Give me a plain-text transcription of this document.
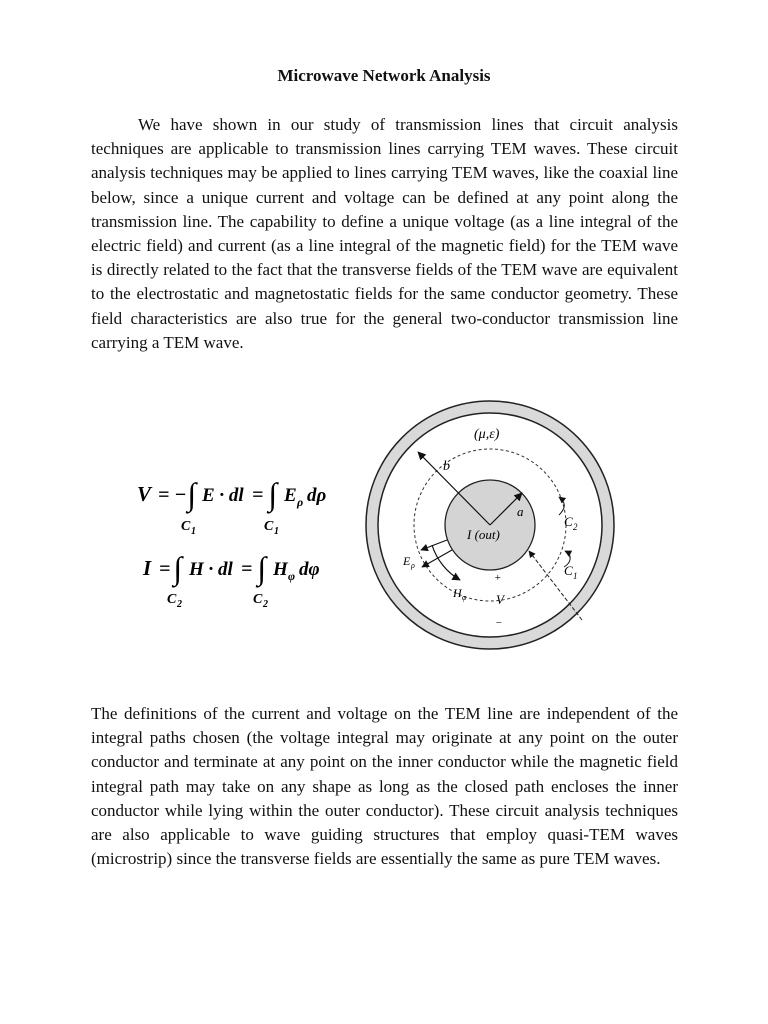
Microwave Network Analysis

We have shown in our study of transmission lines that circuit analysis techniques are applicable to transmission lines carrying TEM waves. These circuit analysis techniques may be applied to lines carrying TEM waves, like the coaxial line below, since a unique current and voltage can be defined at any point along the transmission line. The capability to define a unique voltage (as a line integral of the electric field) and current (as a line integral of the magnetic field) for the TEM wave is directly related to the fact that the transverse fields of the TEM wave are equivalent to the electrostatic and magnetostatic fields for the same conductor geometry. These field characteristics are also true for the general two-conductor transmission line carrying a TEM wave.

V = − ∫ E · dl = ∫ E ρ dρ
C 1	C 1
I = ∫ H · dl = ∫ H φ dφ
C 2	C 2
(μ,ε)
b
a
I (out)
C 2
C 1
E ρ
H φ V
+
−

The definitions of the current and voltage on the TEM line are independent of the integral paths chosen (the voltage integral may originate at any point on the outer conductor and terminate at any point on the inner conductor while the magnetic field integral path may take on any shape as long as the closed path encloses the inner conductor while lying within the outer conductor). These circuit analysis techniques are also applicable to wave guiding structures that employ quasi-TEM waves (microstrip) since the transverse fields are essentially the same as pure TEM waves.
